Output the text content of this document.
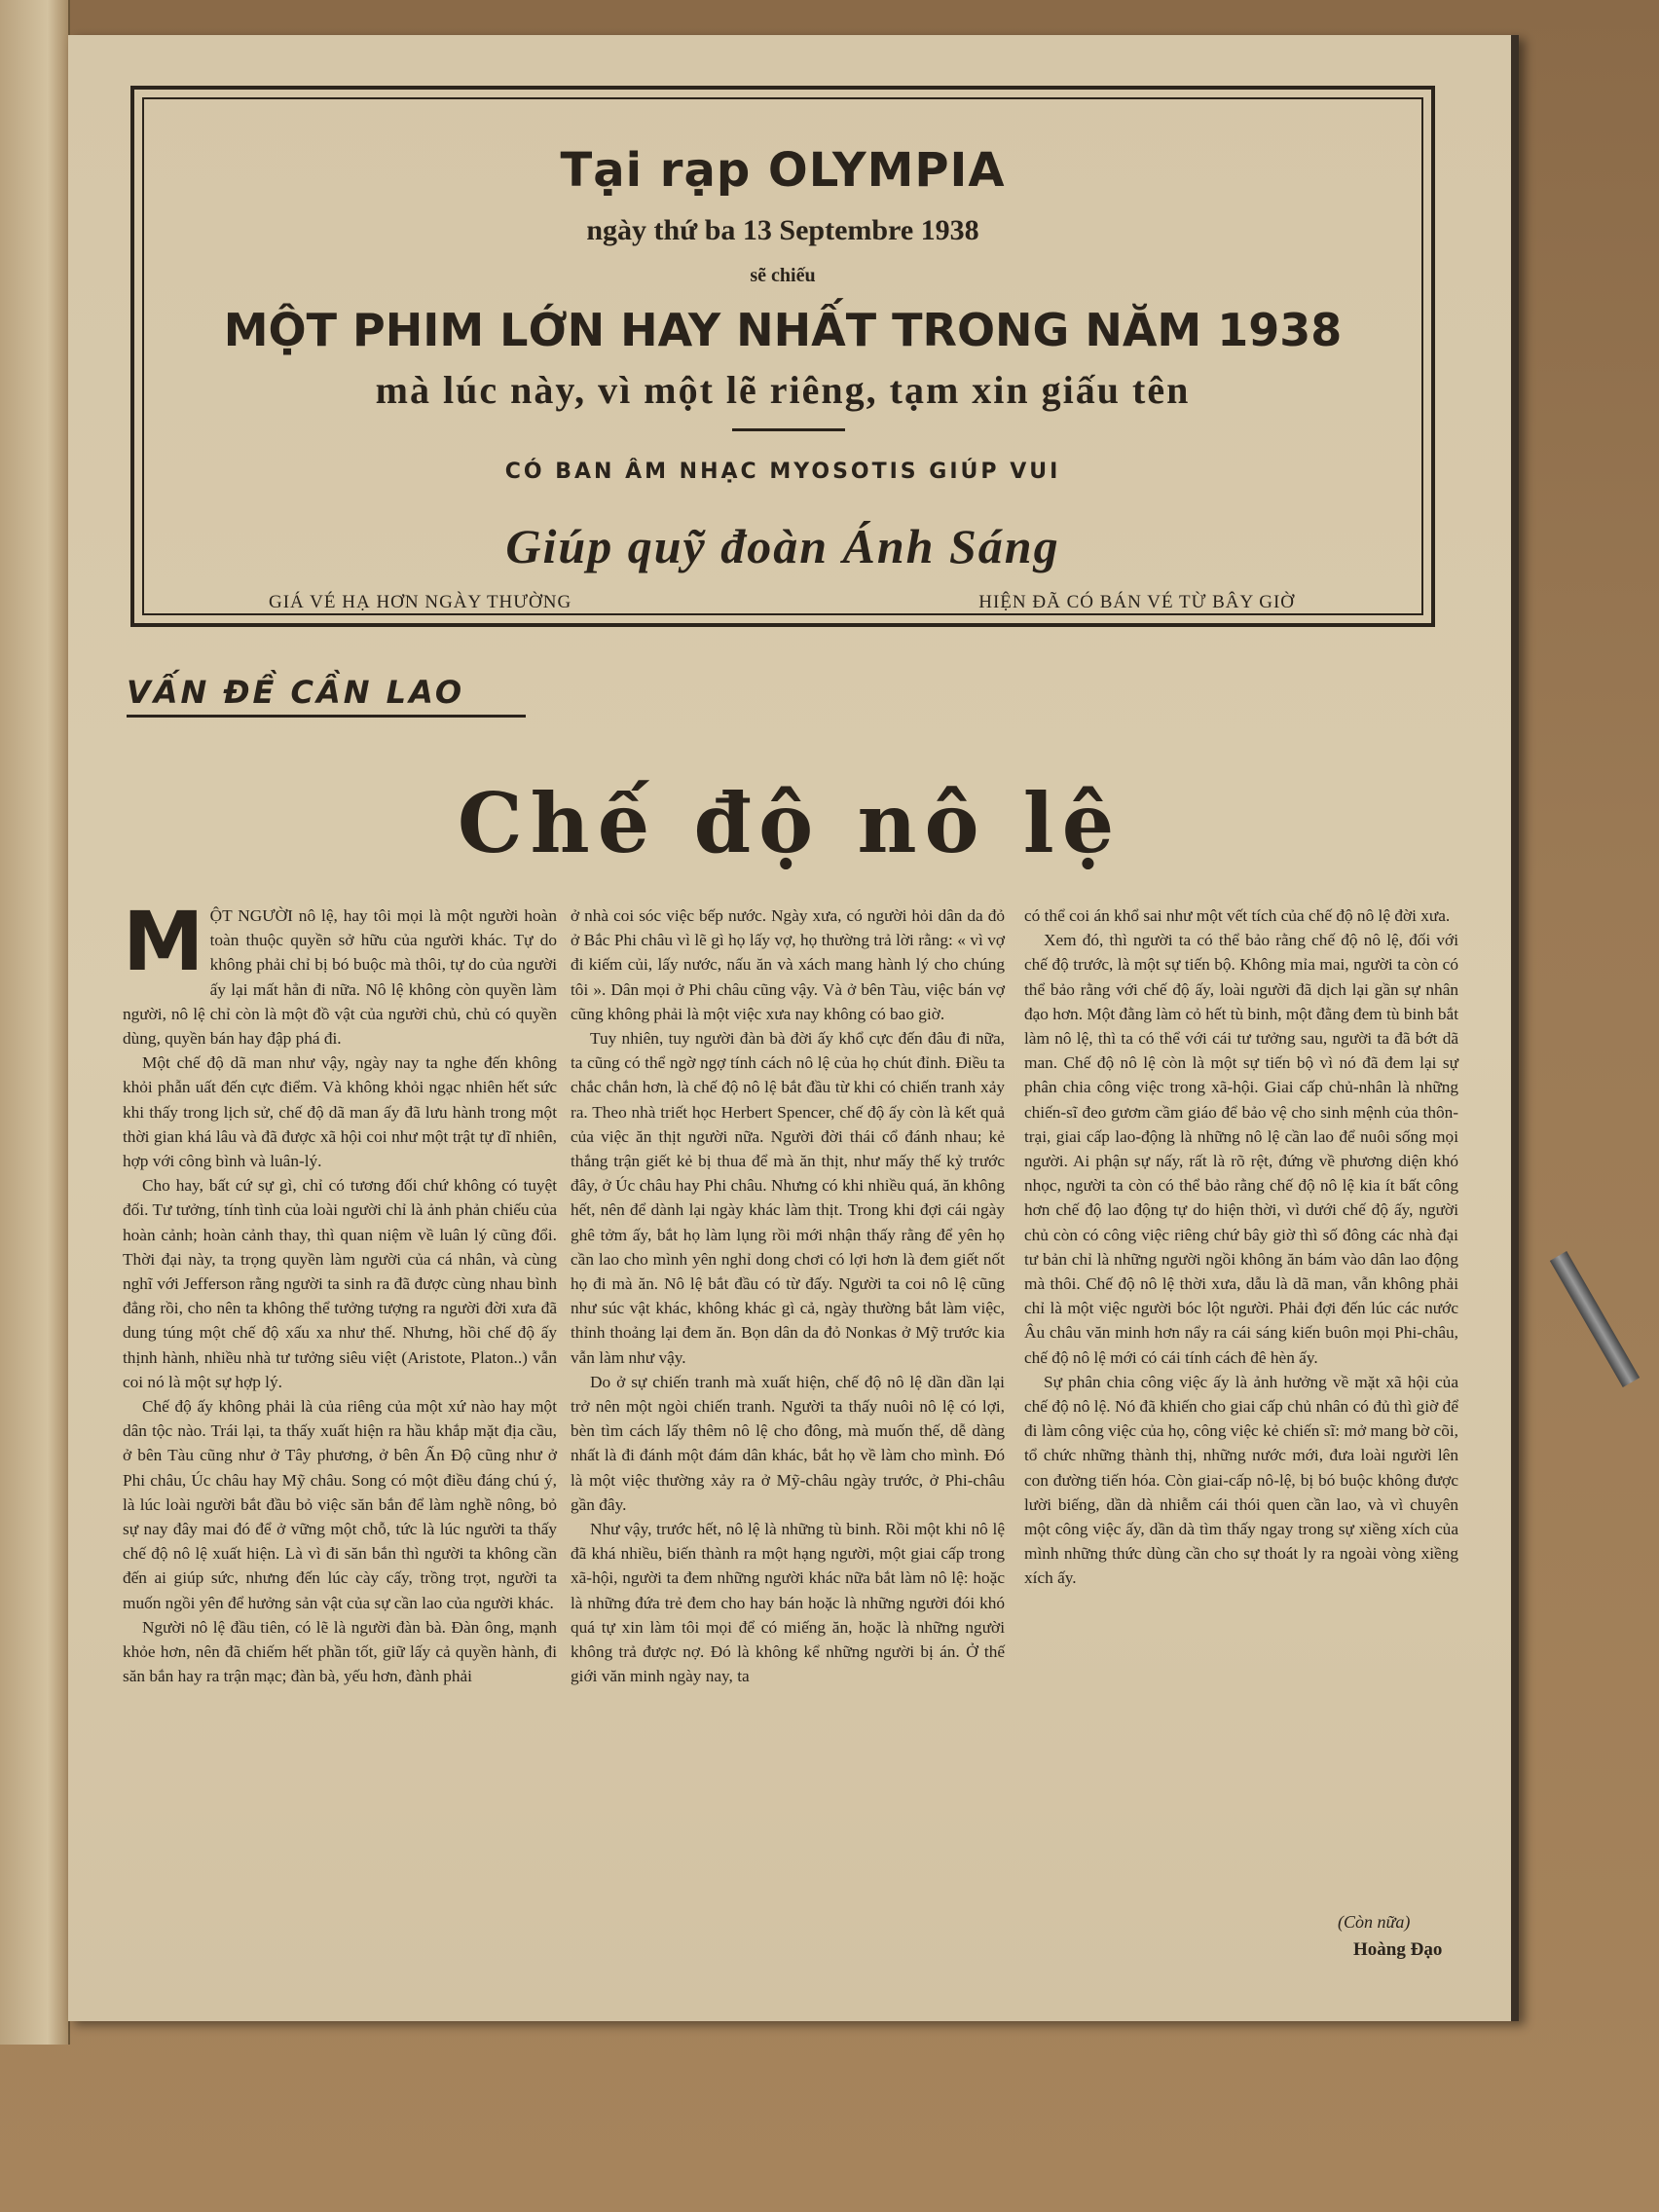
Tại rạp OLYMPIA
ngày thứ ba 13 Septembre 1938
sẽ chiếu
MỘT PHIM LỚN HAY NHẤT TRONG NĂM 1938
mà lúc này, vì một lẽ riêng, tạm xin giấu tên
CÓ BAN ÂM NHẠC MYOSOTIS GIÚP VUI
Giúp quỹ đoàn Ánh Sáng
GIÁ VÉ HẠ HƠN NGÀY THƯỜNG	HIỆN ĐÃ CÓ BÁN VÉ TỪ BÂY GIỜ
VẤN ĐỀ CẦN LAO
Chế độ nô lệ

MỘT NGƯỜI nô lệ, hay tôi mọi là một người hoàn toàn thuộc quyền sở hữu của người khác. Tự do không phải chỉ bị bó buộc mà thôi, tự do của người ấy lại mất hẳn đi nữa. Nô lệ không còn quyền làm người, nô lệ chỉ còn là một đồ vật của người chủ, chủ có quyền dùng, quyền bán hay đập phá đi.

Một chế độ dã man như vậy, ngày nay ta nghe đến không khỏi phẫn uất đến cực điểm. Và không khỏi ngạc nhiên hết sức khi thấy trong lịch sử, chế độ dã man ấy đã lưu hành trong một thời gian khá lâu và đã được xã hội coi như một trật tự dĩ nhiên, hợp với công bình và luân-lý.

Cho hay, bất cứ sự gì, chỉ có tương đối chứ không có tuyệt đối. Tư tưởng, tính tình của loài người chỉ là ảnh phản chiếu của hoàn cảnh; hoàn cảnh thay, thì quan niệm về luân lý cũng đổi. Thời đại này, ta trọng quyền làm người của cá nhân, và cùng nghĩ với Jefferson rằng người ta sinh ra đã được cùng nhau bình đẳng rồi, cho nên ta không thể tưởng tượng ra người đời xưa đã dung túng một chế độ xấu xa như thế. Nhưng, hồi chế độ ấy thịnh hành, nhiều nhà tư tưởng siêu việt (Aristote, Platon..) vẫn coi nó là một sự hợp lý.

Chế độ ấy không phải là của riêng của một xứ nào hay một dân tộc nào. Trái lại, ta thấy xuất hiện ra hầu khắp mặt địa cầu, ở bên Tàu cũng như ở Tây phương, ở bên Ấn Độ cũng như ở Phi châu, Úc châu hay Mỹ châu. Song có một điều đáng chú ý, là lúc loài người bắt đầu bỏ việc săn bắn để làm nghề nông, bỏ sự nay đây mai đó để ở vững một chỗ, tức là lúc người ta thấy chế độ nô lệ xuất hiện. Là vì đi săn bắn thì người ta không cần đến ai giúp sức, nhưng đến lúc cày cấy, trồng trọt, người ta muốn ngồi yên để hưởng sản vật của sự cần lao của người khác.

Người nô lệ đầu tiên, có lẽ là người đàn bà. Đàn ông, mạnh khỏe hơn, nên đã chiếm hết phần tốt, giữ lấy cả quyền hành, đi săn bắn hay ra trận mạc; đàn bà, yếu hơn, đành phải

ở nhà coi sóc việc bếp nước. Ngày xưa, có người hỏi dân da đỏ ở Bắc Phi châu vì lẽ gì họ lấy vợ, họ thường trả lời rằng: « vì vợ đi kiếm củi, lấy nước, nấu ăn và xách mang hành lý cho chúng tôi ». Dân mọi ở Phi châu cũng vậy. Và ở bên Tàu, việc bán vợ cũng không phải là một việc xưa nay không có bao giờ.

Tuy nhiên, tuy người đàn bà đời ấy khổ cực đến đâu đi nữa, ta cũng có thể ngờ ngợ tính cách nô lệ của họ chút đỉnh. Điều ta chắc chắn hơn, là chế độ nô lệ bắt đầu từ khi có chiến tranh xảy ra. Theo nhà triết học Herbert Spencer, chế độ ấy còn là kết quả của việc ăn thịt người nữa. Người đời thái cổ đánh nhau; kẻ thắng trận giết kẻ bị thua để mà ăn thịt, như mấy thế kỷ trước đây, ở Úc châu hay Phi châu. Nhưng có khi nhiều quá, ăn không hết, nên để dành lại ngày khác làm thịt. Trong khi đợi cái ngày ghê tởm ấy, bắt họ làm lụng rồi mới nhận thấy rằng để yên họ cần lao cho mình yên nghỉ dong chơi có lợi hơn là đem giết nốt họ đi mà ăn. Nô lệ bắt đầu có từ đấy. Người ta coi nô lệ cũng như súc vật khác, không khác gì cả, ngày thường bắt làm việc, thỉnh thoảng lại đem ăn. Bọn dân da đỏ Nonkas ở Mỹ trước kia vẫn làm như vậy.

Do ở sự chiến tranh mà xuất hiện, chế độ nô lệ dần dần lại trở nên một ngòi chiến tranh. Người ta thấy nuôi nô lệ có lợi, bèn tìm cách lấy thêm nô lệ cho đông, mà muốn thế, dễ dàng nhất là đi đánh một đám dân khác, bắt họ về làm cho mình. Đó là một việc thường xảy ra ở Mỹ-châu ngày trước, ở Phi-châu gần đây.

Như vậy, trước hết, nô lệ là những tù binh. Rồi một khi nô lệ đã khá nhiều, biến thành ra một hạng người, một giai cấp trong xã-hội, người ta đem những người khác nữa bắt làm nô lệ: hoặc là những đứa trẻ đem cho hay bán hoặc là những người đói khó quá tự xin làm tôi mọi để có miếng ăn, hoặc là những người không trả được nợ. Đó là không kể những người bị án. Ở thế giới văn minh ngày nay, ta

có thể coi án khổ sai như một vết tích của chế độ nô lệ đời xưa.

Xem đó, thì người ta có thể bảo rằng chế độ nô lệ, đối với chế độ trước, là một sự tiến bộ. Không mỉa mai, người ta còn có thể bảo rằng với chế độ ấy, loài người đã dịch lại gần sự nhân đạo hơn. Một đằng làm cỏ hết tù binh, một đằng đem tù binh bắt làm nô lệ, thì ta có thể với cái tư tưởng sau, người ta đã bớt dã man. Chế độ nô lệ còn là một sự tiến bộ vì nó đã đem lại sự phân chia công việc trong xã-hội. Giai cấp chủ-nhân là những chiến-sĩ đeo gươm cầm giáo để bảo vệ cho sinh mệnh của thôn-trại, giai cấp lao-động là những nô lệ cần lao để nuôi sống mọi người. Ai phận sự nấy, rất là rõ rệt, đứng về phương diện khó nhọc, người ta còn có thể bảo rằng chế độ nô lệ kia ít bất công hơn chế độ lao động tự do hiện thời, vì dưới chế độ ấy, người chủ còn có công việc riêng chứ bây giờ thì số đông các nhà đại tư bản chỉ là những người ngồi không ăn bám vào dân lao động mà thôi. Chế độ nô lệ thời xưa, dẫu là dã man, vẫn không phải chỉ là một việc người bóc lột người. Phải đợi đến lúc các nước Âu châu văn minh hơn nẩy ra cái sáng kiến buôn mọi Phi-châu, chế độ nô lệ mới có cái tính cách đê hèn ấy.

Sự phân chia công việc ấy là ảnh hưởng về mặt xã hội của chế độ nô lệ. Nó đã khiến cho giai cấp chủ nhân có đủ thì giờ để đi làm công việc của họ, công việc kẻ chiến sĩ: mở mang bờ cõi, tổ chức những thành thị, những nước mới, đưa loài người lên con đường tiến hóa. Còn giai-cấp nô-lệ, bị bó buộc không được lười biếng, dần dà nhiễm cái thói quen cần lao, và vì chuyên một công việc ấy, dần dà tìm thấy ngay trong sự xiềng xích của mình những thức dùng cần cho sự thoát ly ra ngoài vòng xiềng xích ấy.

(Còn nữa)
Hoàng Đạo
